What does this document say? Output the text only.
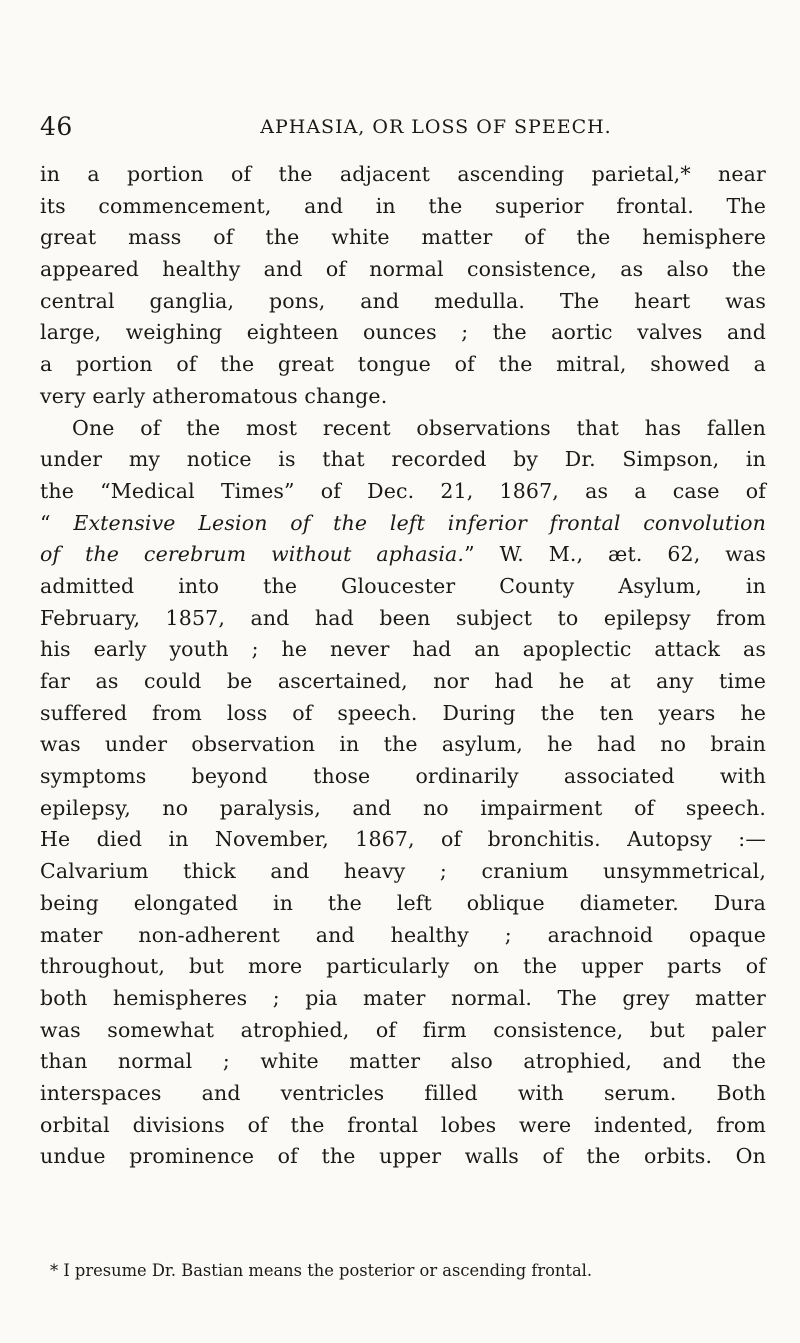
46	APHASIA, OR LOSS OF SPEECH.
in a portion of the adjacent ascending parietal,* near
its commencement, and in the superior frontal. The
great mass of the white matter of the hemisphere
appeared healthy and of normal consistence, as also the
central ganglia, pons, and medulla. The heart was
large, weighing eighteen ounces ; the aortic valves and
a portion of the great tongue of the mitral, showed a
very early atheromatous change.
One of the most recent observations that has fallen
under my notice is that recorded by Dr. Simpson, in
the “Medical Times” of Dec. 21, 1867, as a case of
“ Extensive Lesion of the left inferior frontal convolution
of the cerebrum without aphasia.” W. M., æt. 62, was
admitted into the Gloucester County Asylum, in
February, 1857, and had been subject to epilepsy from
his early youth ; he never had an apoplectic attack as
far as could be ascertained, nor had he at any time
suffered from loss of speech. During the ten years he
was under observation in the asylum, he had no brain
symptoms beyond those ordinarily associated with
epilepsy, no paralysis, and no impairment of speech.
He died in November, 1867, of bronchitis. Autopsy :—
Calvarium thick and heavy ; cranium unsymmetrical,
being elongated in the left oblique diameter. Dura
mater non-adherent and healthy ; arachnoid opaque
throughout, but more particularly on the upper parts of
both hemispheres ; pia mater normal. The grey matter
was somewhat atrophied, of firm consistence, but paler
than normal ; white matter also atrophied, and the
interspaces and ventricles filled with serum. Both
orbital divisions of the frontal lobes were indented, from
undue prominence of the upper walls of the orbits. On
* I presume Dr. Bastian means the posterior or ascending frontal.
